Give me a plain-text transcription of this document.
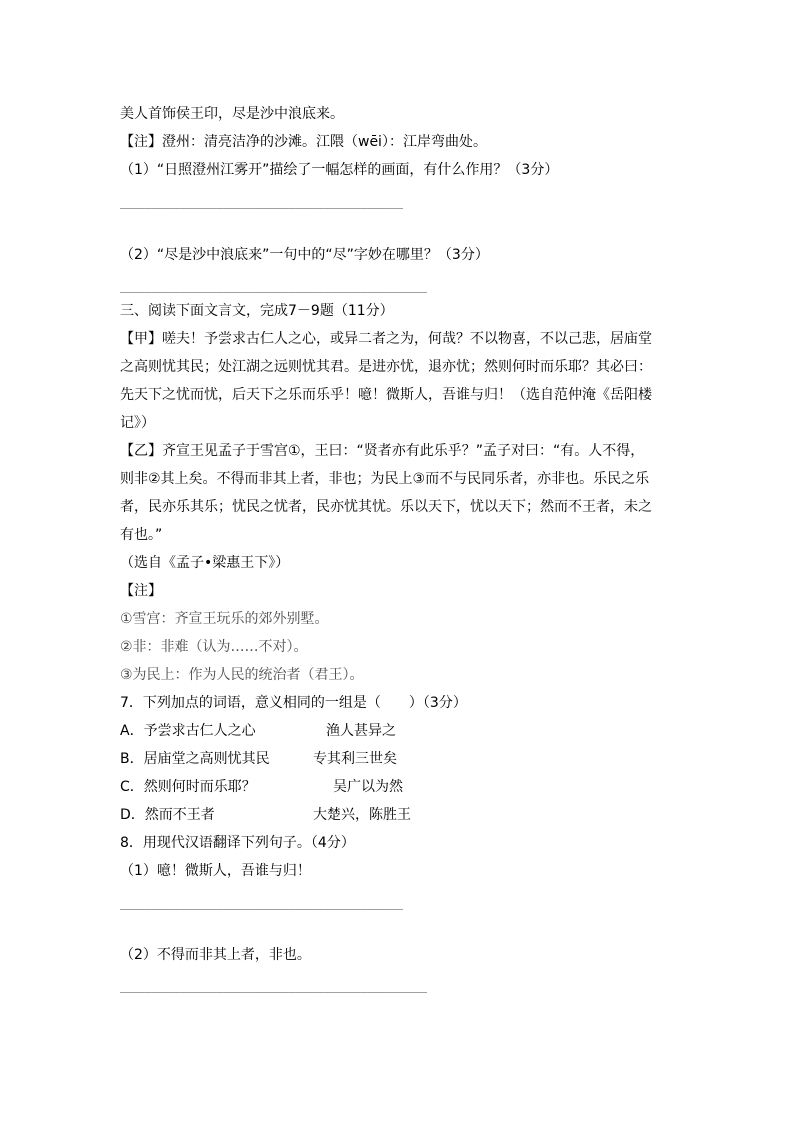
美人首饰侯王印，尽是沙中浪底来。
【注】澄州：清亮洁净的沙滩。江隈（wēi）：江岸弯曲处。
（1）“日照澄州江雾开”描绘了一幅怎样的画面，有什么作用？（3分）
_______________________________________________
（2）“尽是沙中浪底来”一句中的“尽”字妙在哪里？（3分）
___________________________________________________
三、阅读下面文言文，完成7－9题（11分）
【甲】嗟夫！予尝求古仁人之心，或异二者之为，何哉？不以物喜，不以己悲，居庙堂
之高则忧其民；处江湖之远则忧其君。是进亦忧，退亦忧；然则何时而乐耶？其必曰：
先天下之忧而忧，后天下之乐而乐乎！噫！微斯人，吾谁与归！（选自范仲淹《岳阳楼
记》）
【乙】齐宣王见孟子于雪宫①，王曰：“贤者亦有此乐乎？”孟子对曰：“有。人不得，
则非②其上矣。不得而非其上者，非也；为民上③而不与民同乐者，亦非也。乐民之乐
者，民亦乐其乐；忧民之忧者，民亦忧其忧。乐以天下，忧以天下；然而不王者，未之
有也。”
（选自《孟子•梁惠王下》）
【注】
①雪宫：齐宣王玩乐的郊外别墅。
②非：非难（认为……不对）。
③为民上：作为人民的统治者（君王）。
7．下列加点的词语，意义相同的一组是（　　）（3分）
A．予尝求古仁人之心	渔人甚异之
B．居庙堂之高则忧其民	专其利三世矣
C．然则何时而乐耶？	吴广以为然
D．然而不王者	大楚兴，陈胜王
8．用现代汉语翻译下列句子。（4分）
（1）噫！微斯人，吾谁与归！
_______________________________________________
（2）不得而非其上者，非也。
___________________________________________________
